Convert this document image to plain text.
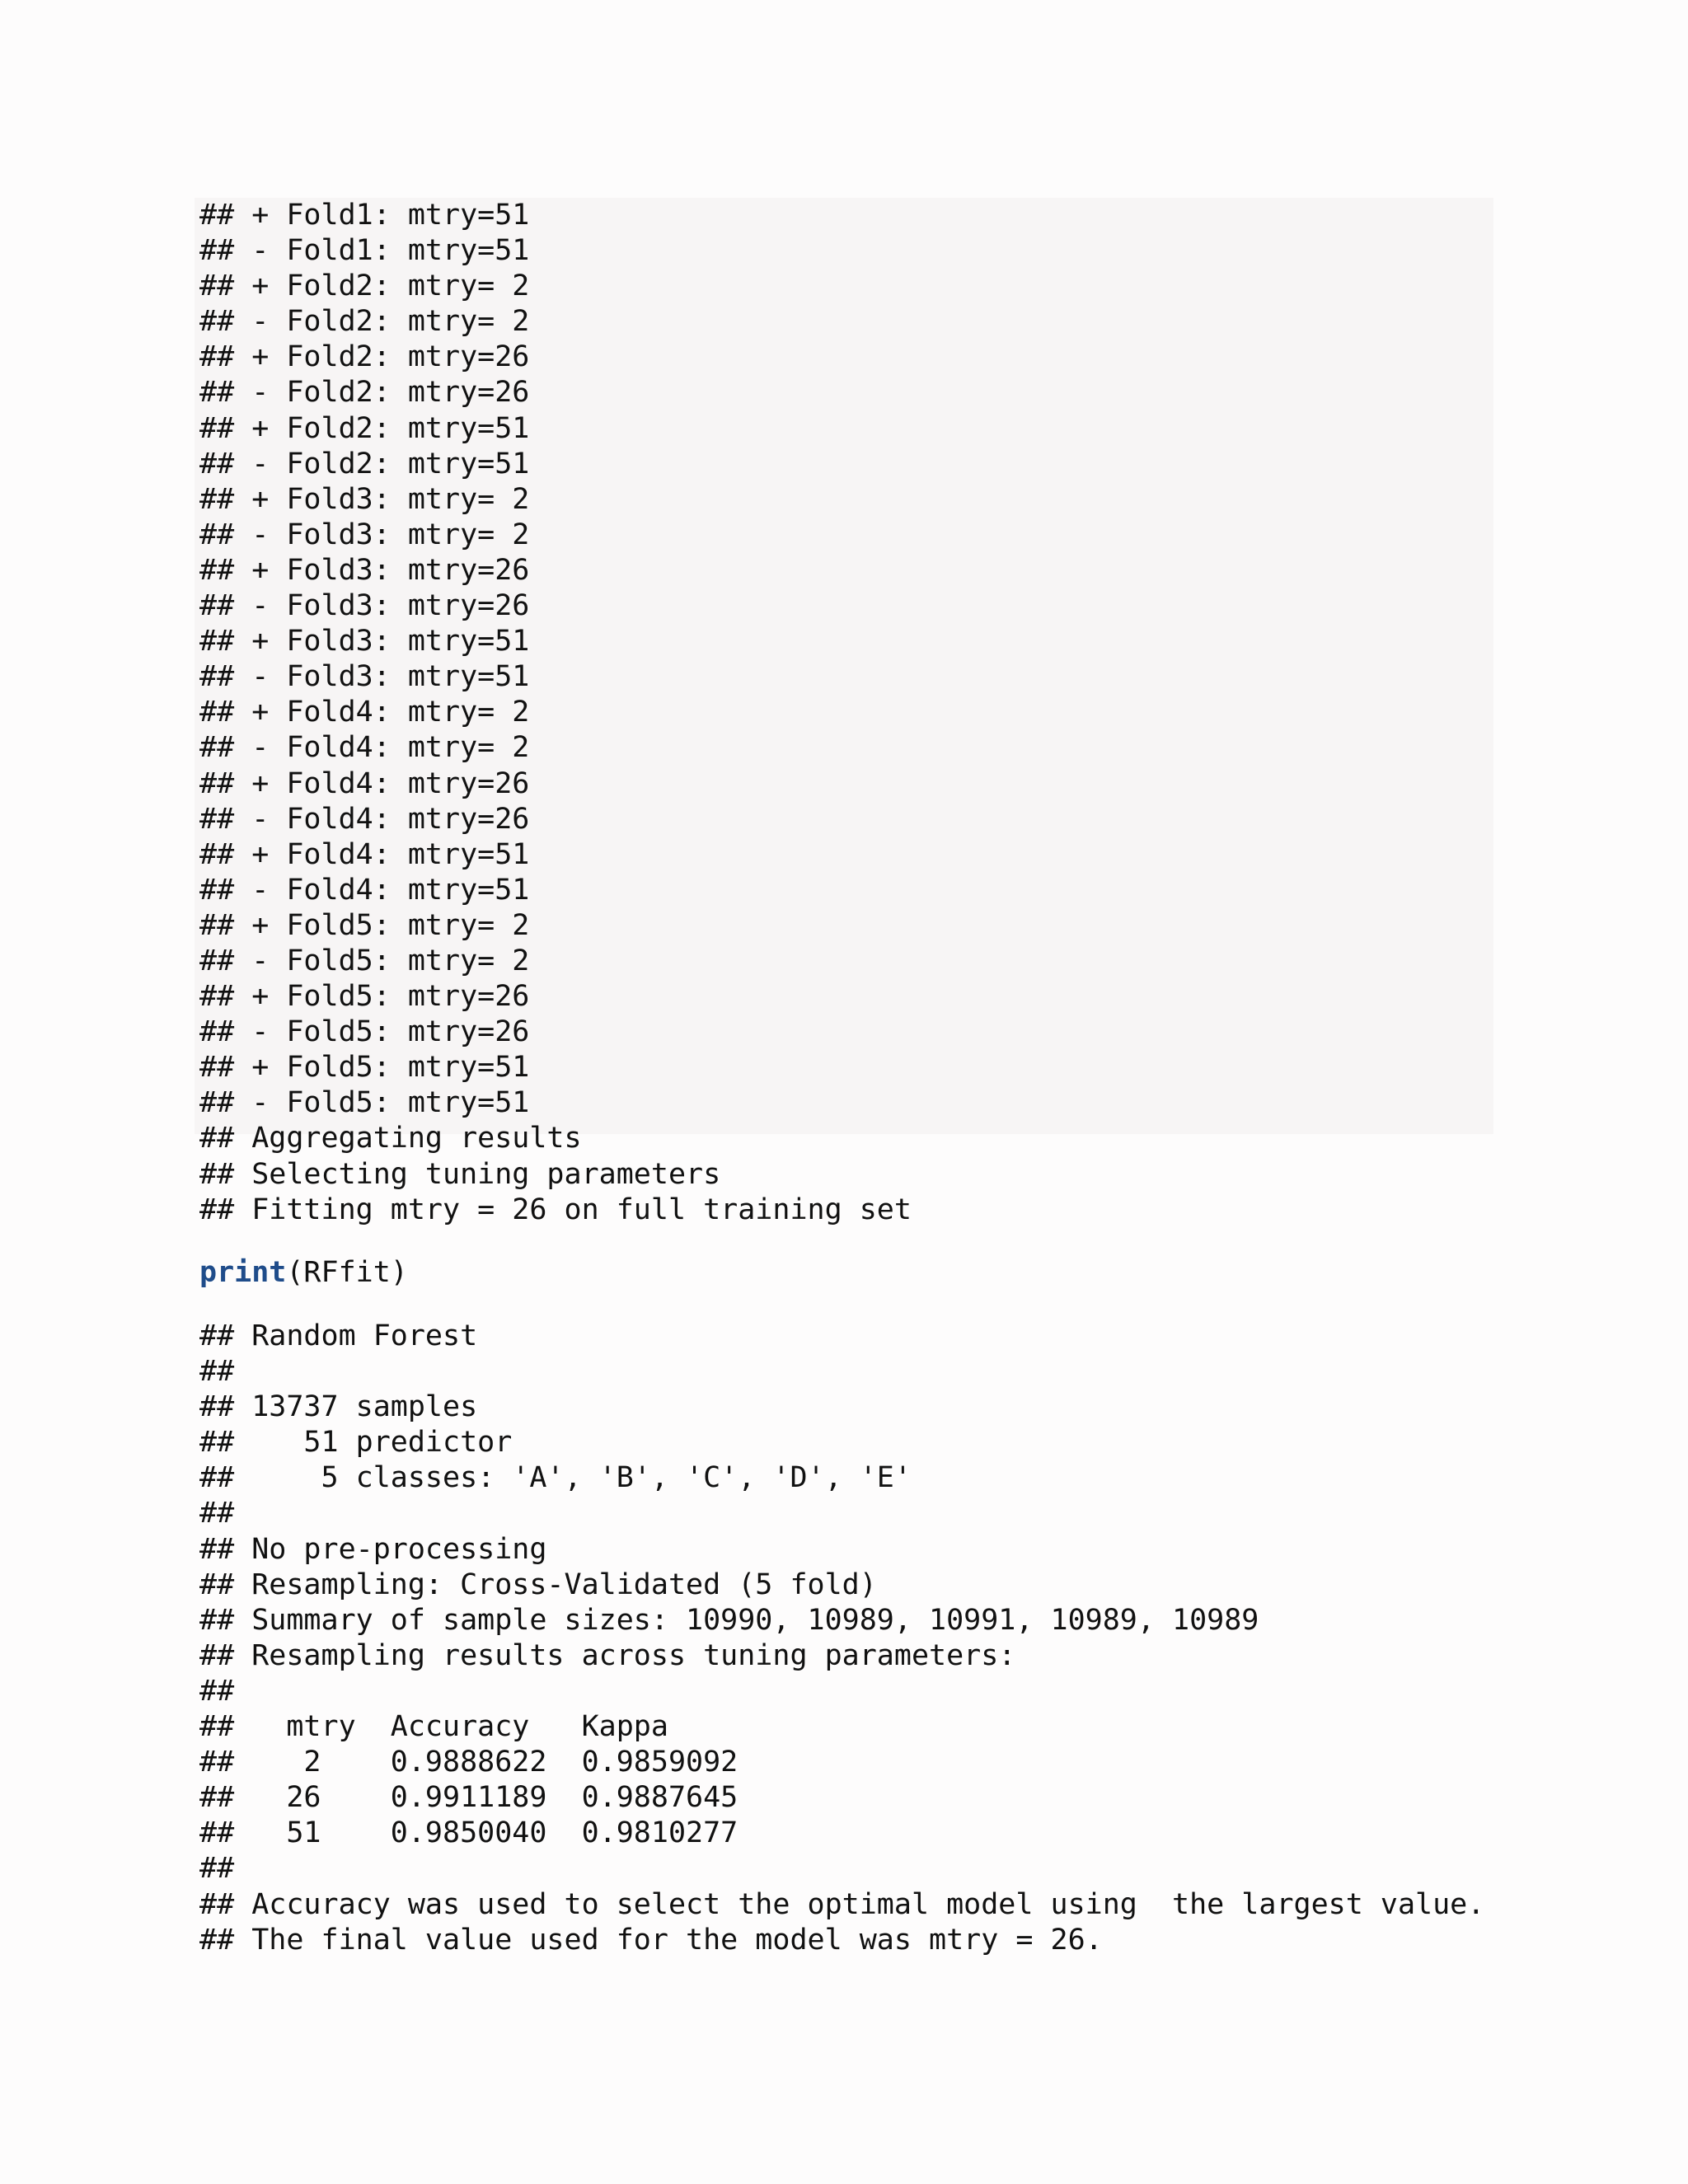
## + Fold1: mtry=51
## - Fold1: mtry=51
## + Fold2: mtry= 2
## - Fold2: mtry= 2
## + Fold2: mtry=26
## - Fold2: mtry=26
## + Fold2: mtry=51
## - Fold2: mtry=51
## + Fold3: mtry= 2
## - Fold3: mtry= 2
## + Fold3: mtry=26
## - Fold3: mtry=26
## + Fold3: mtry=51
## - Fold3: mtry=51
## + Fold4: mtry= 2
## - Fold4: mtry= 2
## + Fold4: mtry=26
## - Fold4: mtry=26
## + Fold4: mtry=51
## - Fold4: mtry=51
## + Fold5: mtry= 2
## - Fold5: mtry= 2
## + Fold5: mtry=26
## - Fold5: mtry=26
## + Fold5: mtry=51
## - Fold5: mtry=51
## Aggregating results
## Selecting tuning parameters
## Fitting mtry = 26 on full training set
print(RFfit)
## Random Forest
##
## 13737 samples
##    51 predictor
##     5 classes: 'A', 'B', 'C', 'D', 'E'
##
## No pre-processing
## Resampling: Cross-Validated (5 fold)
## Summary of sample sizes: 10990, 10989, 10991, 10989, 10989
## Resampling results across tuning parameters:
##
##   mtry  Accuracy   Kappa
##    2    0.9888622  0.9859092
##   26    0.9911189  0.9887645
##   51    0.9850040  0.9810277
##
## Accuracy was used to select the optimal model using  the largest value.
## The final value used for the model was mtry = 26.
